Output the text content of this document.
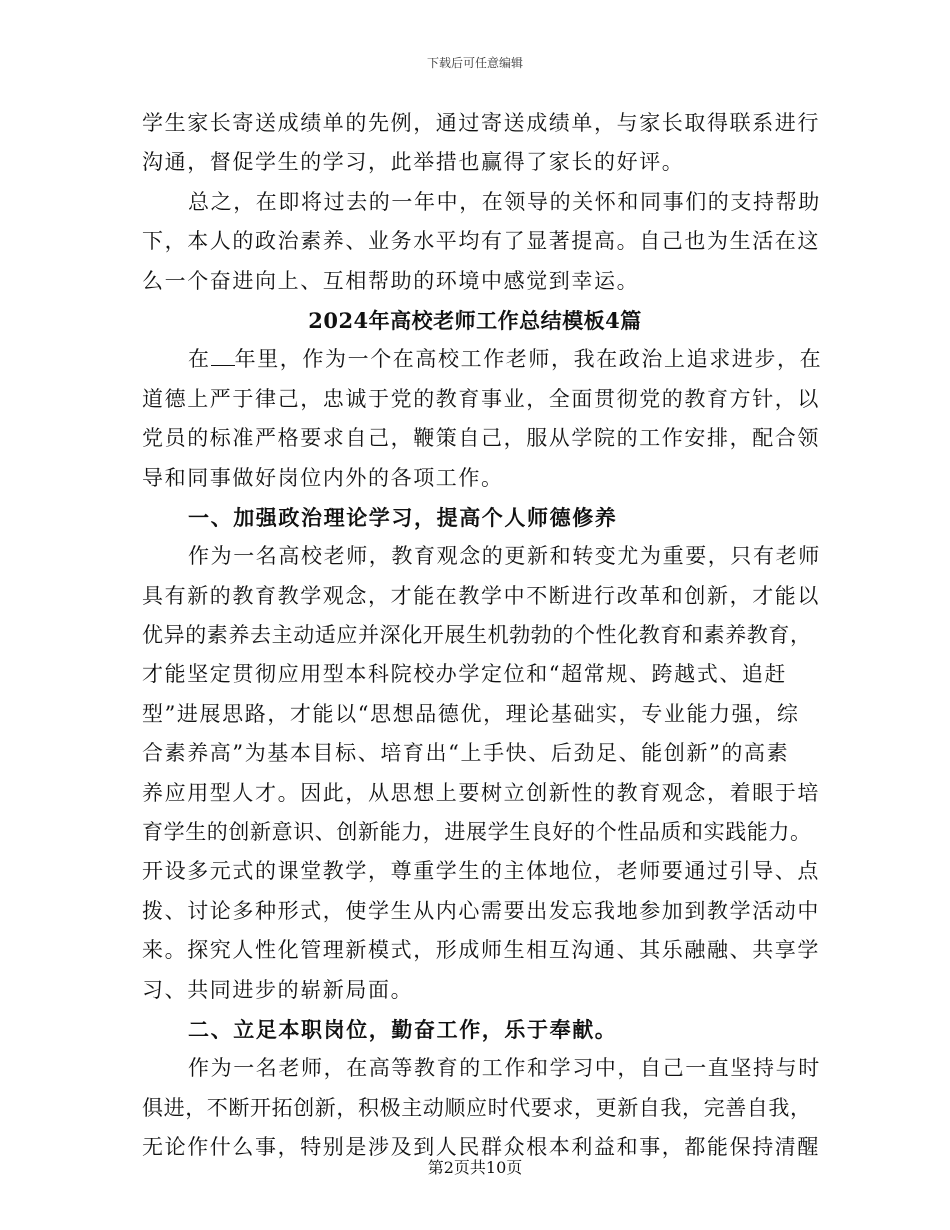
下载后可任意编辑
学生家长寄送成绩单的先例，通过寄送成绩单，与家长取得联系进行
沟通，督促学生的学习，此举措也赢得了家长的好评。
总之，在即将过去的一年中，在领导的关怀和同事们的支持帮助
下，本人的政治素养、业务水平均有了显著提高。自己也为生活在这
么一个奋进向上、互相帮助的环境中感觉到幸运。
2024年高校老师工作总结模板4篇
在 年里，作为一个在高校工作老师，我在政治上追求进步，在
道德上严于律己，忠诚于党的教育事业，全面贯彻党的教育方针，以
党员的标准严格要求自己，鞭策自己，服从学院的工作安排，配合领
导和同事做好岗位内外的各项工作。
一、加强政治理论学习，提高个人师德修养
作为一名高校老师，教育观念的更新和转变尤为重要，只有老师
具有新的教育教学观念，才能在教学中不断进行改革和创新，才能以
优异的素养去主动适应并深化开展生机勃勃的个性化教育和素养教育，
才能坚定贯彻应用型本科院校办学定位和“超常规、跨越式、追赶
型”进展思路，才能以“思想品德优，理论基础实，专业能力强，综
合素养高”为基本目标、培育出“上手快、后劲足、能创新”的高素
养应用型人才。因此，从思想上要树立创新性的教育观念，着眼于培
育学生的创新意识、创新能力，进展学生良好的个性品质和实践能力。
开设多元式的课堂教学，尊重学生的主体地位，老师要通过引导、点
拨、讨论多种形式，使学生从内心需要出发忘我地参加到教学活动中
来。探究人性化管理新模式，形成师生相互沟通、其乐融融、共享学
习、共同进步的崭新局面。
二、立足本职岗位，勤奋工作，乐于奉献。
作为一名老师，在高等教育的工作和学习中，自己一直坚持与时
俱进，不断开拓创新，积极主动顺应时代要求，更新自我，完善自我，
无论作什么事，特别是涉及到人民群众根本利益和事，都能保持清醒
第2页共10页
